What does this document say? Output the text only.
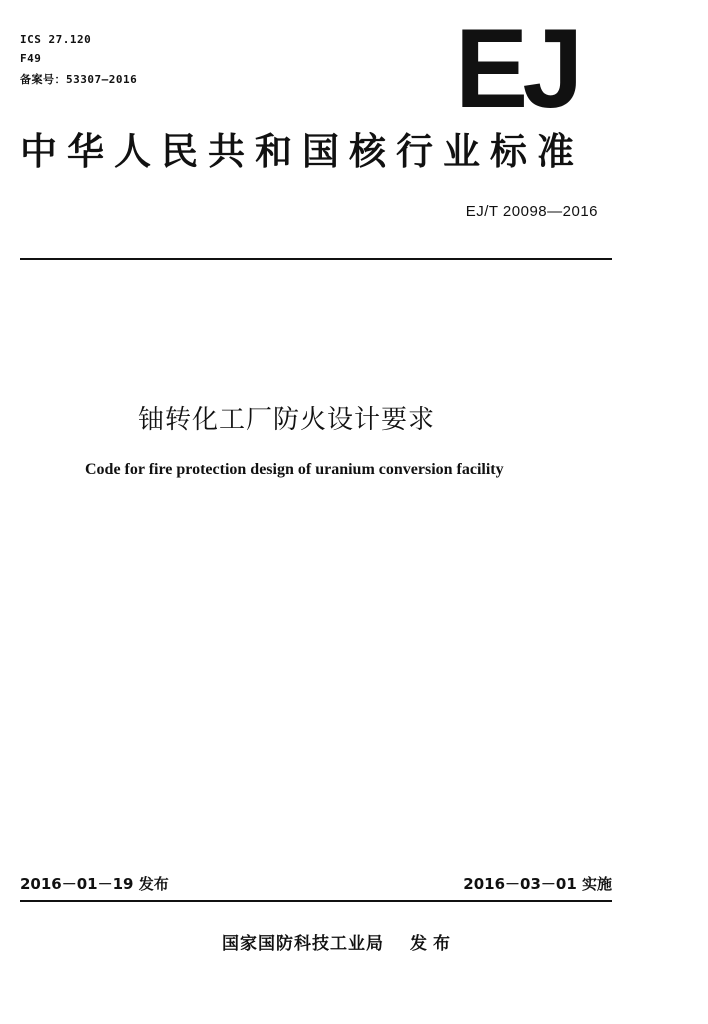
ICS 27.120
F49
备案号：53307—2016	EJ
中华人民共和国核行业标准
EJ/T 20098—2016
铀转化工厂防火设计要求
Code for fire protection design of uranium conversion facility
2016－01－19 发布	2016－03－01 实施
国家国防科技工业局 发布
